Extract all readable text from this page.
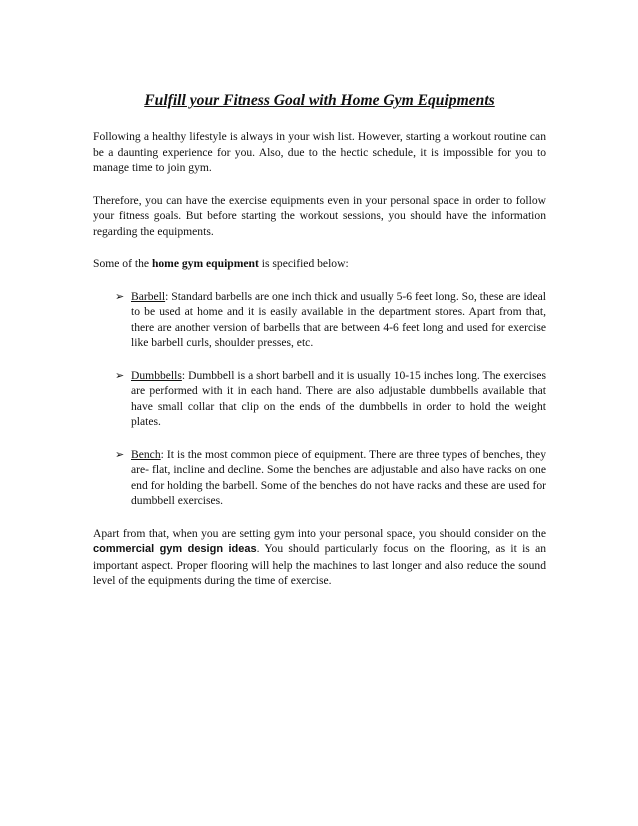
Fulfill your Fitness Goal with Home Gym Equipments

Following a healthy lifestyle is always in your wish list. However, starting a workout routine can be a daunting experience for you. Also, due to the hectic schedule, it is impossible for you to manage time to join gym.

Therefore, you can have the exercise equipments even in your personal space in order to follow your fitness goals. But before starting the workout sessions, you should have the information regarding the equipments.

Some of the home gym equipment is specified below:

➢ Barbell: Standard barbells are one inch thick and usually 5-6 feet long. So, these are ideal to be used at home and it is easily available in the department stores. Apart from that, there are another version of barbells that are between 4-6 feet long and used for exercise like barbell curls, shoulder presses, etc.
➢ Dumbbells: Dumbbell is a short barbell and it is usually 10-15 inches long. The exercises are performed with it in each hand. There are also adjustable dumbbells available that have small collar that clip on the ends of the dumbbells in order to hold the weight plates.
➢ Bench: It is the most common piece of equipment. There are three types of benches, they are- flat, incline and decline. Some the benches are adjustable and also have racks on one end for holding the barbell. Some of the benches do not have racks and these are used for dumbbell exercises.

Apart from that, when you are setting gym into your personal space, you should consider on the commercial gym design ideas. You should particularly focus on the flooring, as it is an important aspect. Proper flooring will help the machines to last longer and also reduce the sound level of the equipments during the time of exercise.
